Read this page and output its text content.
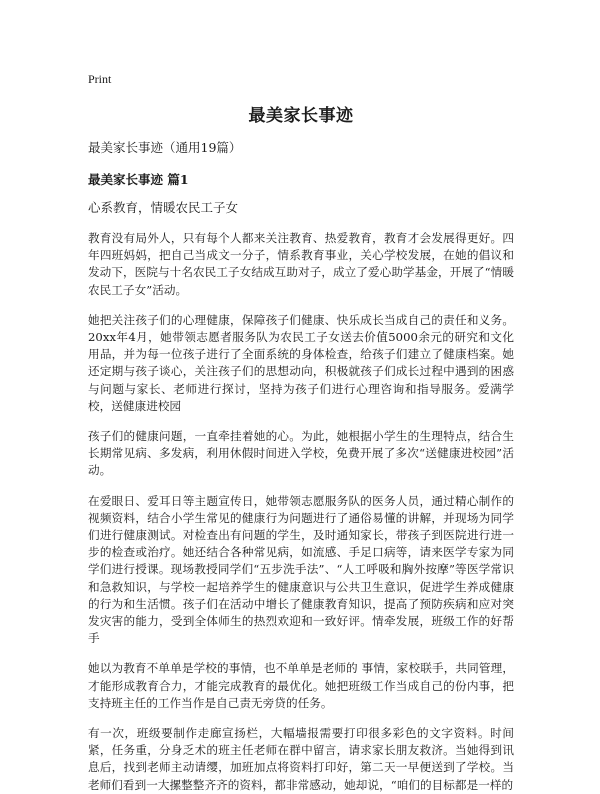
Print
最美家长事迹

最美家长事迹（通用19篇）

最美家长事迹 篇1

心系教育，情暖农民工子女

教育没有局外人，只有每个人都来关注教育、热爱教育，教育才会发展得更好。四年四班妈妈，把自己当成文一分子，情系教育事业，关心学校发展，在她的倡议和发动下，医院与十名农民工子女结成互助对子，成立了爱心助学基金，开展了“情暖农民工子女”活动。

她把关注孩子们的心理健康，保障孩子们健康、快乐成长当成自己的责任和义务。20xx年4月，她带领志愿者服务队为农民工子女送去价值5000余元的研究和文化用品，并为每一位孩子进行了全面系统的身体检查，给孩子们建立了健康档案。她还定期与孩子谈心，关注孩子们的思想动向，积极就孩子们成长过程中遇到的困惑与问题与家长、老师进行探讨，坚持为孩子们进行心理咨询和指导服务。爱满学校，送健康进校园

孩子们的健康问题，一直牵挂着她的心。为此，她根据小学生的生理特点，结合生长期常见病、多发病，利用休假时间进入学校，免费开展了多次“送健康进校园”活动。

在爱眼日、爱耳日等主题宣传日，她带领志愿服务队的医务人员，通过精心制作的视频资料，结合小学生常见的健康行为问题进行了通俗易懂的讲解，并现场为同学们进行健康测试。对检查出有问题的学生，及时通知家长，带孩子到医院进行进一步的检查或治疗。她还结合各种常见病，如流感、手足口病等，请来医学专家为同学们进行授课。现场教授同学们“五步洗手法”、“人工呼吸和胸外按摩”等医学常识和急救知识，与学校一起培养学生的健康意识与公共卫生意识，促进学生养成健康的行为和生活惯。孩子们在活动中增长了健康教育知识，提高了预防疾病和应对突发灾害的能力，受到全体师生的热烈欢迎和一致好评。情牵发展，班级工作的好帮手

她以为教育不单单是学校的事情，也不单单是老师的 事情，家校联手，共同管理，才能形成教育合力，才能完成教育的最优化。她把班级工作当成自己的份内事，把支持班主任的工作当作是自己责无旁贷的任务。

有一次，班级要制作走廊宣扬栏，大幅墙报需要打印很多彩色的文字资料。时间紧，任务重，分身乏术的班主任老师在群中留言，请求家长朋友救济。当她得到讯息后，找到老师主动请缨，加班加点将资料打印好，第二天一早便送到了学校。当老师们看到一大摞整整齐齐的资料，都非常感动，她却说，“咱们的目标都是一样的
